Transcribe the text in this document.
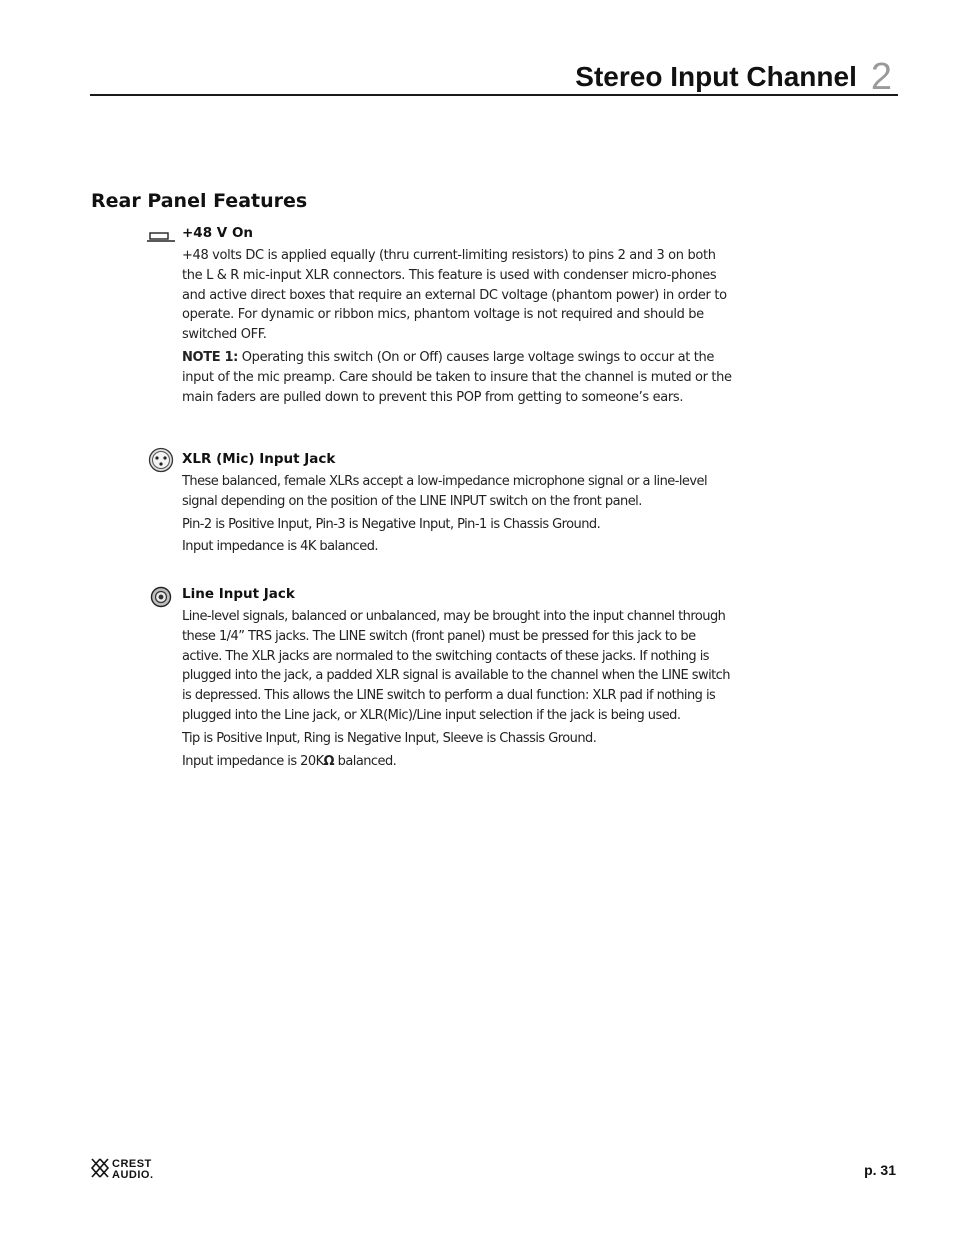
Stereo Input Channel 2
Rear Panel Features
+48 V On

+48 volts DC is applied equally (thru current-limiting resistors) to pins 2 and 3 on both the L & R mic-input XLR connectors. This feature is used with condenser micro-phones and active direct boxes that require an external DC voltage (phantom power) in order to operate. For dynamic or ribbon mics, phantom voltage is not required and should be switched OFF.

NOTE 1: Operating this switch (On or Off) causes large voltage swings to occur at the input of the mic preamp. Care should be taken to insure that the channel is muted or the main faders are pulled down to prevent this POP from getting to someone’s ears.

XLR (Mic) Input Jack

These balanced, female XLRs accept a low-impedance microphone signal or a line-level signal depending on the position of the LINE INPUT switch on the front panel.

Pin-2 is Positive Input, Pin-3 is Negative Input, Pin-1 is Chassis Ground.

Input impedance is 4K balanced.

Line Input Jack

Line-level signals, balanced or unbalanced, may be brought into the input channel through these 1/4” TRS jacks. The LINE switch (front panel) must be pressed for this jack to be active. The XLR jacks are normaled to the switching contacts of these jacks. If nothing is plugged into the jack, a padded XLR signal is available to the channel when the LINE switch is depressed. This allows the LINE switch to perform a dual function: XLR pad if nothing is plugged into the Line jack, or XLR(Mic)/Line input selection if the jack is being used.

Tip is Positive Input, Ring is Negative Input, Sleeve is Chassis Ground.

Input impedance is 20KΩ balanced.

CREST
AUDIO.	p. 31
